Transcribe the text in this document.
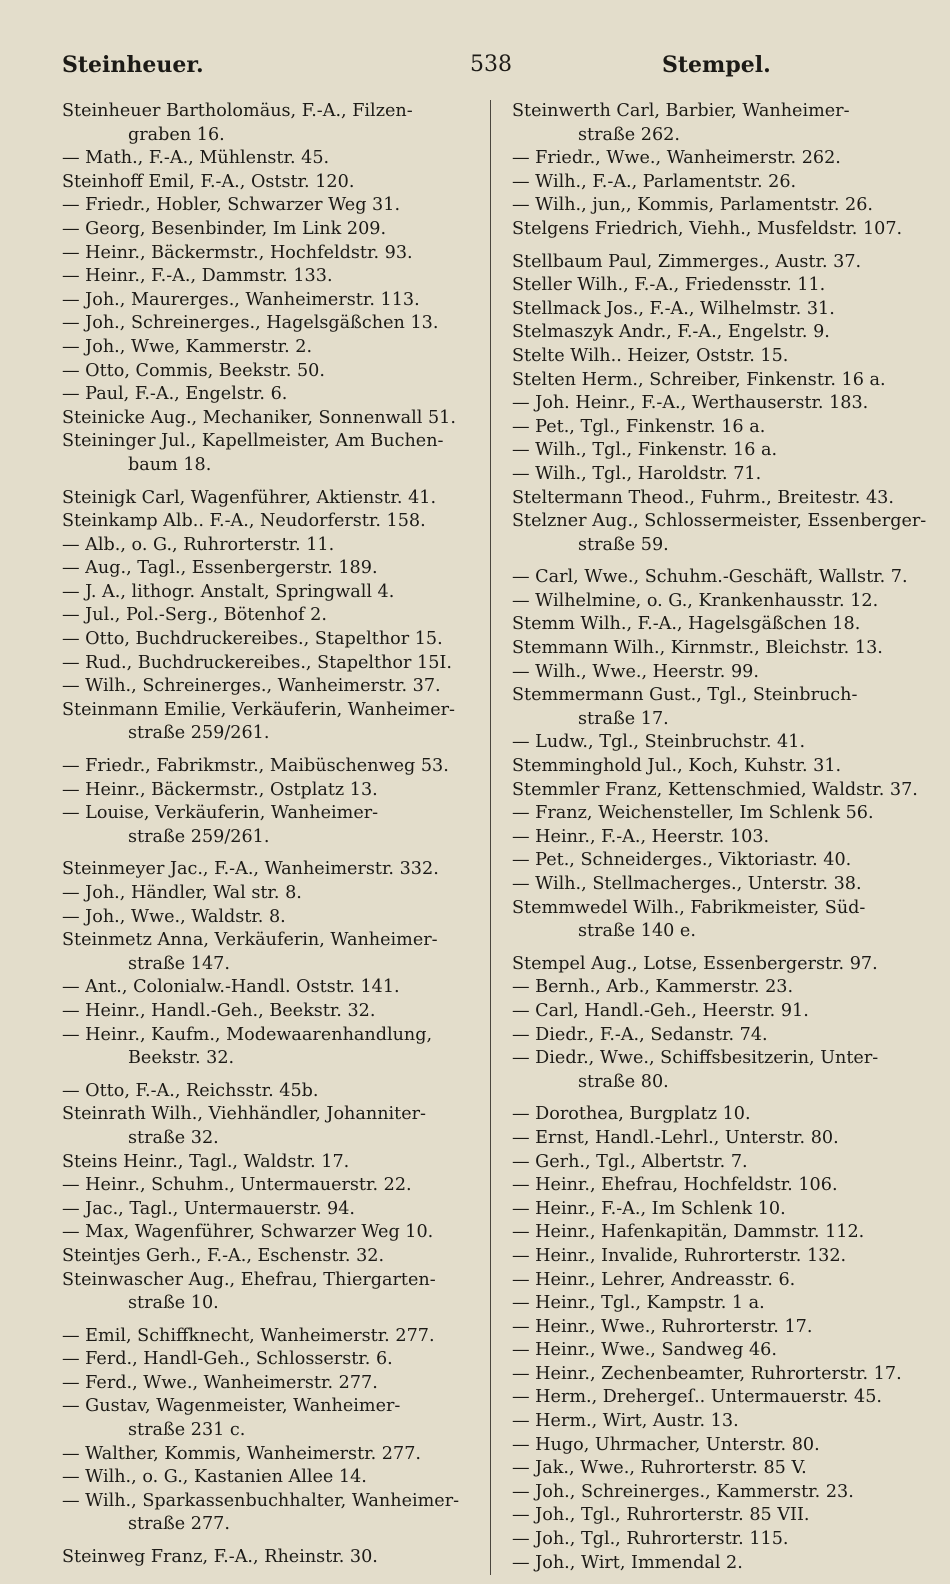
Steinheuer.	538	Stempel.
Steinheuer Bartholomäus, F.-A., Filzen-
graben 16.
— Math., F.-A., Mühlenstr. 45.
Steinhoff Emil, F.-A., Oststr. 120.
— Friedr., Hobler, Schwarzer Weg 31.
— Georg, Besenbinder, Im Link 209.
— Heinr., Bäckermstr., Hochfeldstr. 93.
— Heinr., F.-A., Dammstr. 133.
— Joh., Maurerges., Wanheimerstr. 113.
— Joh., Schreinerges., Hagelsgäßchen 13.
— Joh., Wwe, Kammerstr. 2.
— Otto, Commis, Beekstr. 50.
— Paul, F.-A., Engelstr. 6.
Steinicke Aug., Mechaniker, Sonnenwall 51.
Steininger Jul., Kapellmeister, Am Buchen-
baum 18.
Steinigk Carl, Wagenführer, Aktienstr. 41.
Steinkamp Alb.. F.-A., Neudorferstr. 158.
— Alb., o. G., Ruhrorterstr. 11.
— Aug., Tagl., Essenbergerstr. 189.
— J. A., lithogr. Anstalt, Springwall 4.
— Jul., Pol.-Serg., Bötenhof 2.
— Otto, Buchdruckereibes., Stapelthor 15.
— Rud., Buchdruckereibes., Stapelthor 15I.
— Wilh., Schreinerges., Wanheimerstr. 37.
Steinmann Emilie, Verkäuferin, Wanheimer-
straße 259/261.
— Friedr., Fabrikmstr., Maibüschenweg 53.
— Heinr., Bäckermstr., Ostplatz 13.
— Louise, Verkäuferin, Wanheimer-
straße 259/261.
Steinmeyer Jac., F.-A., Wanheimerstr. 332.
— Joh., Händler, Wal str. 8.
— Joh., Wwe., Waldstr. 8.
Steinmetz Anna, Verkäuferin, Wanheimer-
straße 147.
— Ant., Colonialw.-Handl. Oststr. 141.
— Heinr., Handl.-Geh., Beekstr. 32.
— Heinr., Kaufm., Modewaarenhandlung,
Beekstr. 32.
— Otto, F.-A., Reichsstr. 45b.
Steinrath Wilh., Viehhändler, Johanniter-
straße 32.
Steins Heinr., Tagl., Waldstr. 17.
— Heinr., Schuhm., Untermauerstr. 22.
— Jac., Tagl., Untermauerstr. 94.
— Max, Wagenführer, Schwarzer Weg 10.
Steintjes Gerh., F.-A., Eschenstr. 32.
Steinwascher Aug., Ehefrau, Thiergarten-
straße 10.
— Emil, Schiffknecht, Wanheimerstr. 277.
— Ferd., Handl-Geh., Schlosserstr. 6.
— Ferd., Wwe., Wanheimerstr. 277.
— Gustav, Wagenmeister, Wanheimer-
straße 231 c.
— Walther, Kommis, Wanheimerstr. 277.
— Wilh., o. G., Kastanien Allee 14.
— Wilh., Sparkassenbuchhalter, Wanheimer-
straße 277.
Steinweg Franz, F.-A., Rheinstr. 30.
Steinwerth Carl, Barbier, Wanheimer-
straße 262.
— Friedr., Wwe., Wanheimerstr. 262.
— Wilh., F.-A., Parlamentstr. 26.
— Wilh., jun,, Kommis, Parlamentstr. 26.
Stelgens Friedrich, Viehh., Musfeldstr. 107.
Stellbaum Paul, Zimmerges., Austr. 37.
Steller Wilh., F.-A., Friedensstr. 11.
Stellmack Jos., F.-A., Wilhelmstr. 31.
Stelmaszyk Andr., F.-A., Engelstr. 9.
Stelte Wilh.. Heizer, Oststr. 15.
Stelten Herm., Schreiber, Finkenstr. 16 a.
— Joh. Heinr., F.-A., Werthauserstr. 183.
— Pet., Tgl., Finkenstr. 16 a.
— Wilh., Tgl., Finkenstr. 16 a.
— Wilh., Tgl., Haroldstr. 71.
Steltermann Theod., Fuhrm., Breitestr. 43.
Stelzner Aug., Schlossermeister, Essenberger-
straße 59.
— Carl, Wwe., Schuhm.-Geschäft, Wallstr. 7.
— Wilhelmine, o. G., Krankenhausstr. 12.
Stemm Wilh., F.-A., Hagelsgäßchen 18.
Stemmann Wilh., Kirnmstr., Bleichstr. 13.
— Wilh., Wwe., Heerstr. 99.
Stemmermann Gust., Tgl., Steinbruch-
straße 17.
— Ludw., Tgl., Steinbruchstr. 41.
Stemminghold Jul., Koch, Kuhstr. 31.
Stemmler Franz, Kettenschmied, Waldstr. 37.
— Franz, Weichensteller, Im Schlenk 56.
— Heinr., F.-A., Heerstr. 103.
— Pet., Schneiderges., Viktoriastr. 40.
— Wilh., Stellmacherges., Unterstr. 38.
Stemmwedel Wilh., Fabrikmeister, Süd-
straße 140 e.
Stempel Aug., Lotse, Essenbergerstr. 97.
— Bernh., Arb., Kammerstr. 23.
— Carl, Handl.-Geh., Heerstr. 91.
— Diedr., F.-A., Sedanstr. 74.
— Diedr., Wwe., Schiffsbesitzerin, Unter-
straße 80.
— Dorothea, Burgplatz 10.
— Ernst, Handl.-Lehrl., Unterstr. 80.
— Gerh., Tgl., Albertstr. 7.
— Heinr., Ehefrau, Hochfeldstr. 106.
— Heinr., F.-A., Im Schlenk 10.
— Heinr., Hafenkapitän, Dammstr. 112.
— Heinr., Invalide, Ruhrorterstr. 132.
— Heinr., Lehrer, Andreasstr. 6.
— Heinr., Tgl., Kampstr. 1 a.
— Heinr., Wwe., Ruhrorterstr. 17.
— Heinr., Wwe., Sandweg 46.
— Heinr., Zechenbeamter, Ruhrorterstr. 17.
— Herm., Drehergeſ.. Untermauerstr. 45.
— Herm., Wirt, Austr. 13.
— Hugo, Uhrmacher, Unterstr. 80.
— Jak., Wwe., Ruhrorterstr. 85 V.
— Joh., Schreinerges., Kammerstr. 23.
— Joh., Tgl., Ruhrorterstr. 85 VII.
— Joh., Tgl., Ruhrorterstr. 115.
— Joh., Wirt, Immendal 2.
